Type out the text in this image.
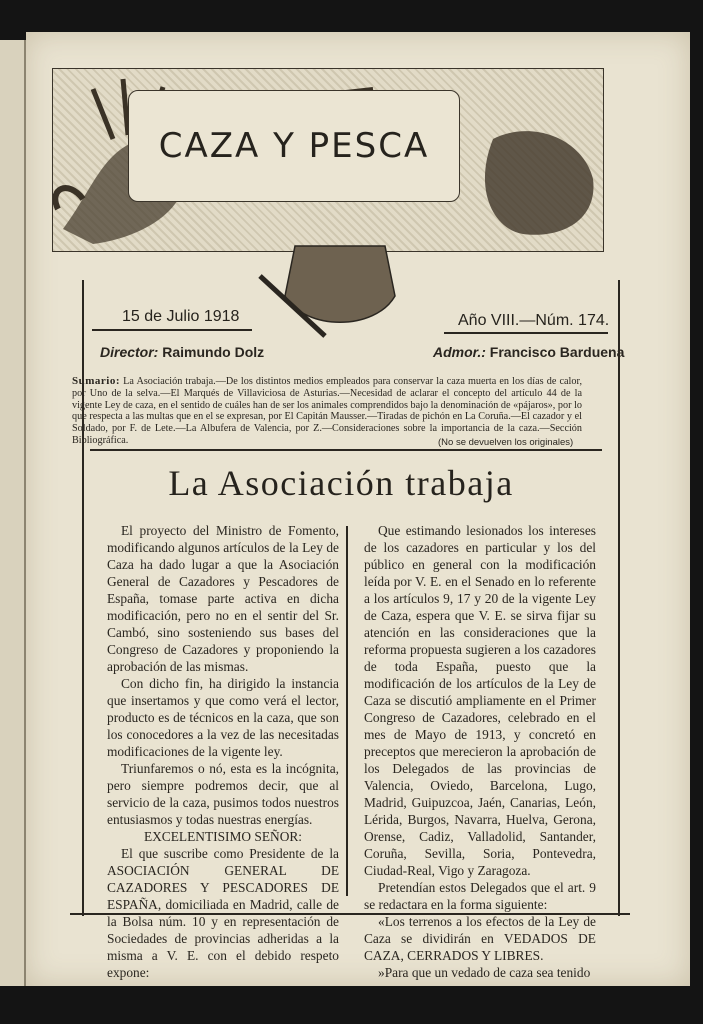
CAZA Y PESCA
15 de Julio 1918	Año VIII.—Núm. 174.
Director: Raimundo Dolz	Admor.: Francisco Barduena
Sumario: La Asociación trabaja.—De los distintos medios empleados para conservar la caza muerta en los días de calor, por Uno de la selva.—El Marqués de Villaviciosa de Asturias.—Necesidad de aclarar el concepto del artículo 44 de la vigente Ley de caza, en el sentido de cuáles han de ser los animales comprendidos bajo la denominación de «pájaros», por lo que respecta a las multas que en el se expresan, por El Capitán Mausser.—Tiradas de pichón en La Coruña.—El cazador y el Soldado, por F. de Lete.—La Albufera de Valencia, por Z.—Consideraciones sobre la importancia de la caza.—Sección Bibliográfica.	(No se devuelven los originales)
La Asociación trabaja

El proyecto del Ministro de Fomento, modificando algunos artículos de la Ley de Caza ha dado lugar a que la Asociación General de Cazadores y Pescadores de España, tomase parte activa en dicha modificación, pero no en el sentir del Sr. Cambó, sino sosteniendo sus bases del Congreso de Cazadores y proponiendo la aprobación de las mismas.

Con dicho fin, ha dirigido la instancia que insertamos y que como verá el lector, producto es de técnicos en la caza, que son los conocedores a la vez de las necesitadas modificaciones de la vigente ley.

Triunfaremos o nó, esta es la incógnita, pero siempre podremos decir, que al servicio de la caza, pusimos todos nuestros entusiasmos y todas nuestras energías.

EXCELENTISIMO SEÑOR:

El que suscribe como Presidente de la ASOCIACIÓN GENERAL DE CAZADORES Y PESCADORES DE ESPAÑA, domiciliada en Madrid, calle de la Bolsa núm. 10 y en representación de Sociedades de provincias adheridas a la misma a V. E. con el debido respeto expone:

Que estimando lesionados los intereses de los cazadores en particular y los del público en general con la modificación leída por V. E. en el Senado en lo referente a los artículos 9, 17 y 20 de la vigente Ley de Caza, espera que V. E. se sirva fijar su atención en las consideraciones que la reforma propuesta sugieren a los cazadores de toda España, puesto que la modificación de los artículos de la Ley de Caza se discutió ampliamente en el Primer Congreso de Cazadores, celebrado en el mes de Mayo de 1913, y concretó en preceptos que merecieron la aprobación de los Delegados de las provincias de Valencia, Oviedo, Barcelona, Lugo, Madrid, Guipuzcoa, Jaén, Canarias, León, Lérida, Burgos, Navarra, Huelva, Gerona, Orense, Cadiz, Valladolid, Santander, Coruña, Sevilla, Soria, Pontevedra, Ciudad-Real, Vigo y Zaragoza.

Pretendían estos Delegados que el art. 9 se redactara en la forma siguiente:

«Los terrenos a los efectos de la Ley de Caza se dividirán en VEDADOS DE CAZA, CERRADOS Y LIBRES.

»Para que un vedado de caza sea tenido
